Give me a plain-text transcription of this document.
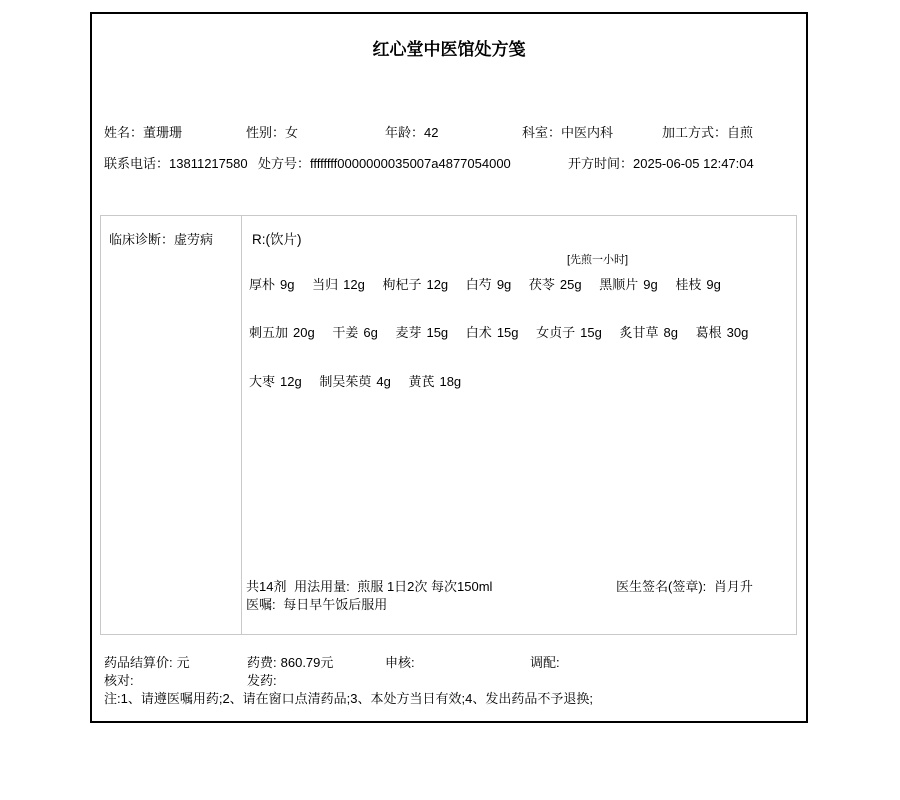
红心堂中医馆处方笺
姓名：董珊珊	性别：女	年龄：42	科室：中医内科	加工方式：自煎
联系电话：13811217580 处方号：ffffffff0000000035007a4877054000	开方时间：2025-06-05 12:47:04
临床诊断：虚劳病	R:(饮片)
[先煎一小时]
厚朴 9g 当归 12g 枸杞子 12g 白芍 9g 茯苓 25g 黑顺片 9g 桂枝 9g
刺五加 20g 干姜 6g 麦芽 15g 白术 15g 女贞子 15g 炙甘草 8g 葛根 30g
大枣 12g 制吴茱萸 4g 黄芪 18g
共14剂 用法用量: 煎服 1日2次 每次150ml	医生签名(签章): 肖月升
医嘱: 每日早午饭后服用
药品结算价: 元	药费: 860.79元	申核:	调配:
核对:	发药:
注:1、请遵医嘱用药;2、请在窗口点清药品;3、本处方当日有效;4、发出药品不予退换;
